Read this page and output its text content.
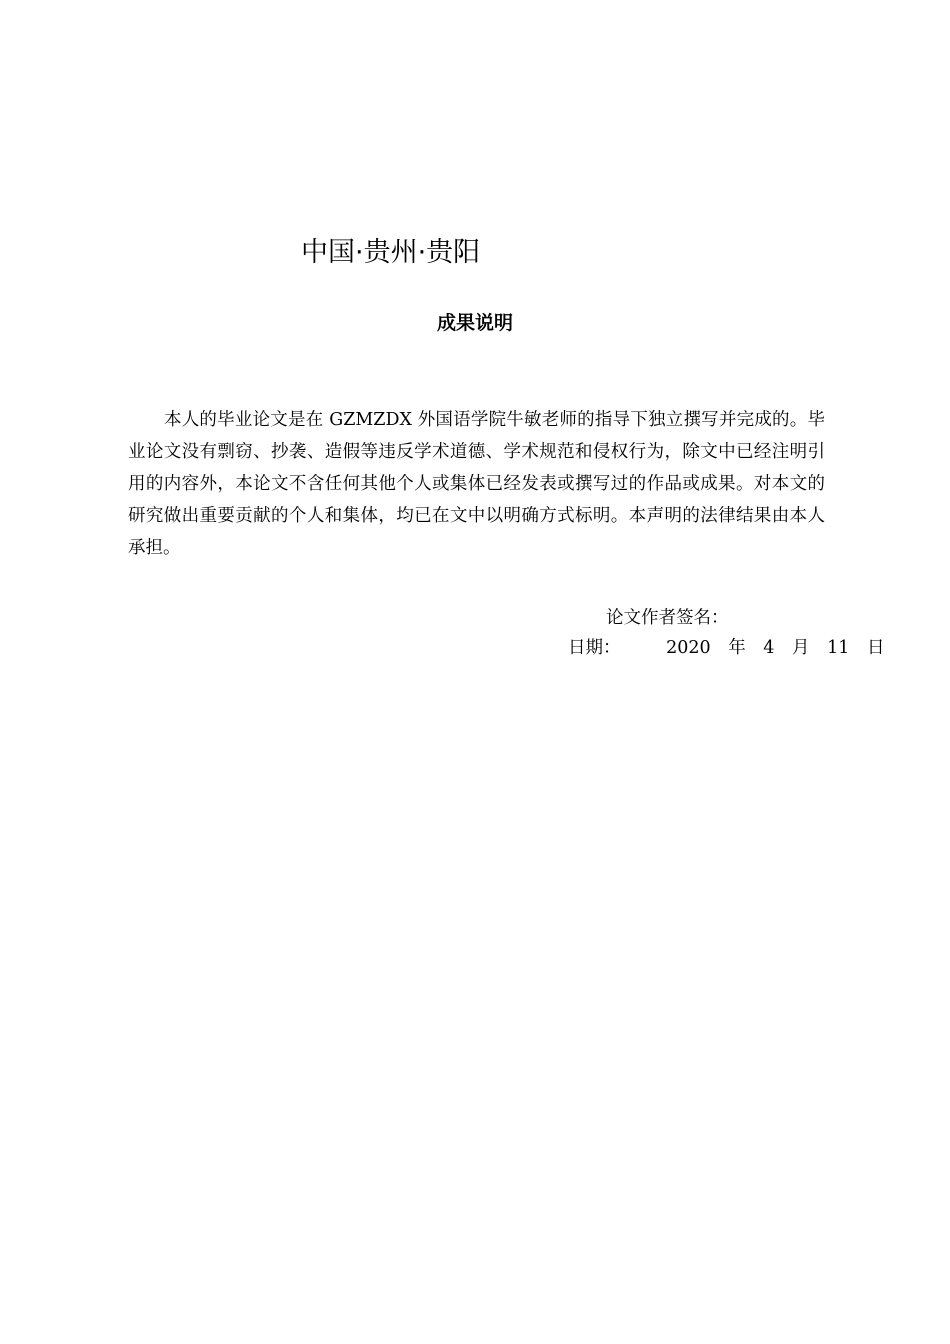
中国·贵州·贵阳
成果说明

本人的毕业论文是在 GZMZDX 外国语学院牛敏老师的指导下独立撰写并完成的。毕业论文没有剽窃、抄袭、造假等违反学术道德、学术规范和侵权行为，除文中已经注明引用的内容外，本论文不含任何其他个人或集体已经发表或撰写过的作品或成果。对本文的研究做出重要贡献的个人和集体，均已在文中以明确方式标明。本声明的法律结果由本人承担。

论文作者签名：
日期：	2020 年 4 月 11 日
